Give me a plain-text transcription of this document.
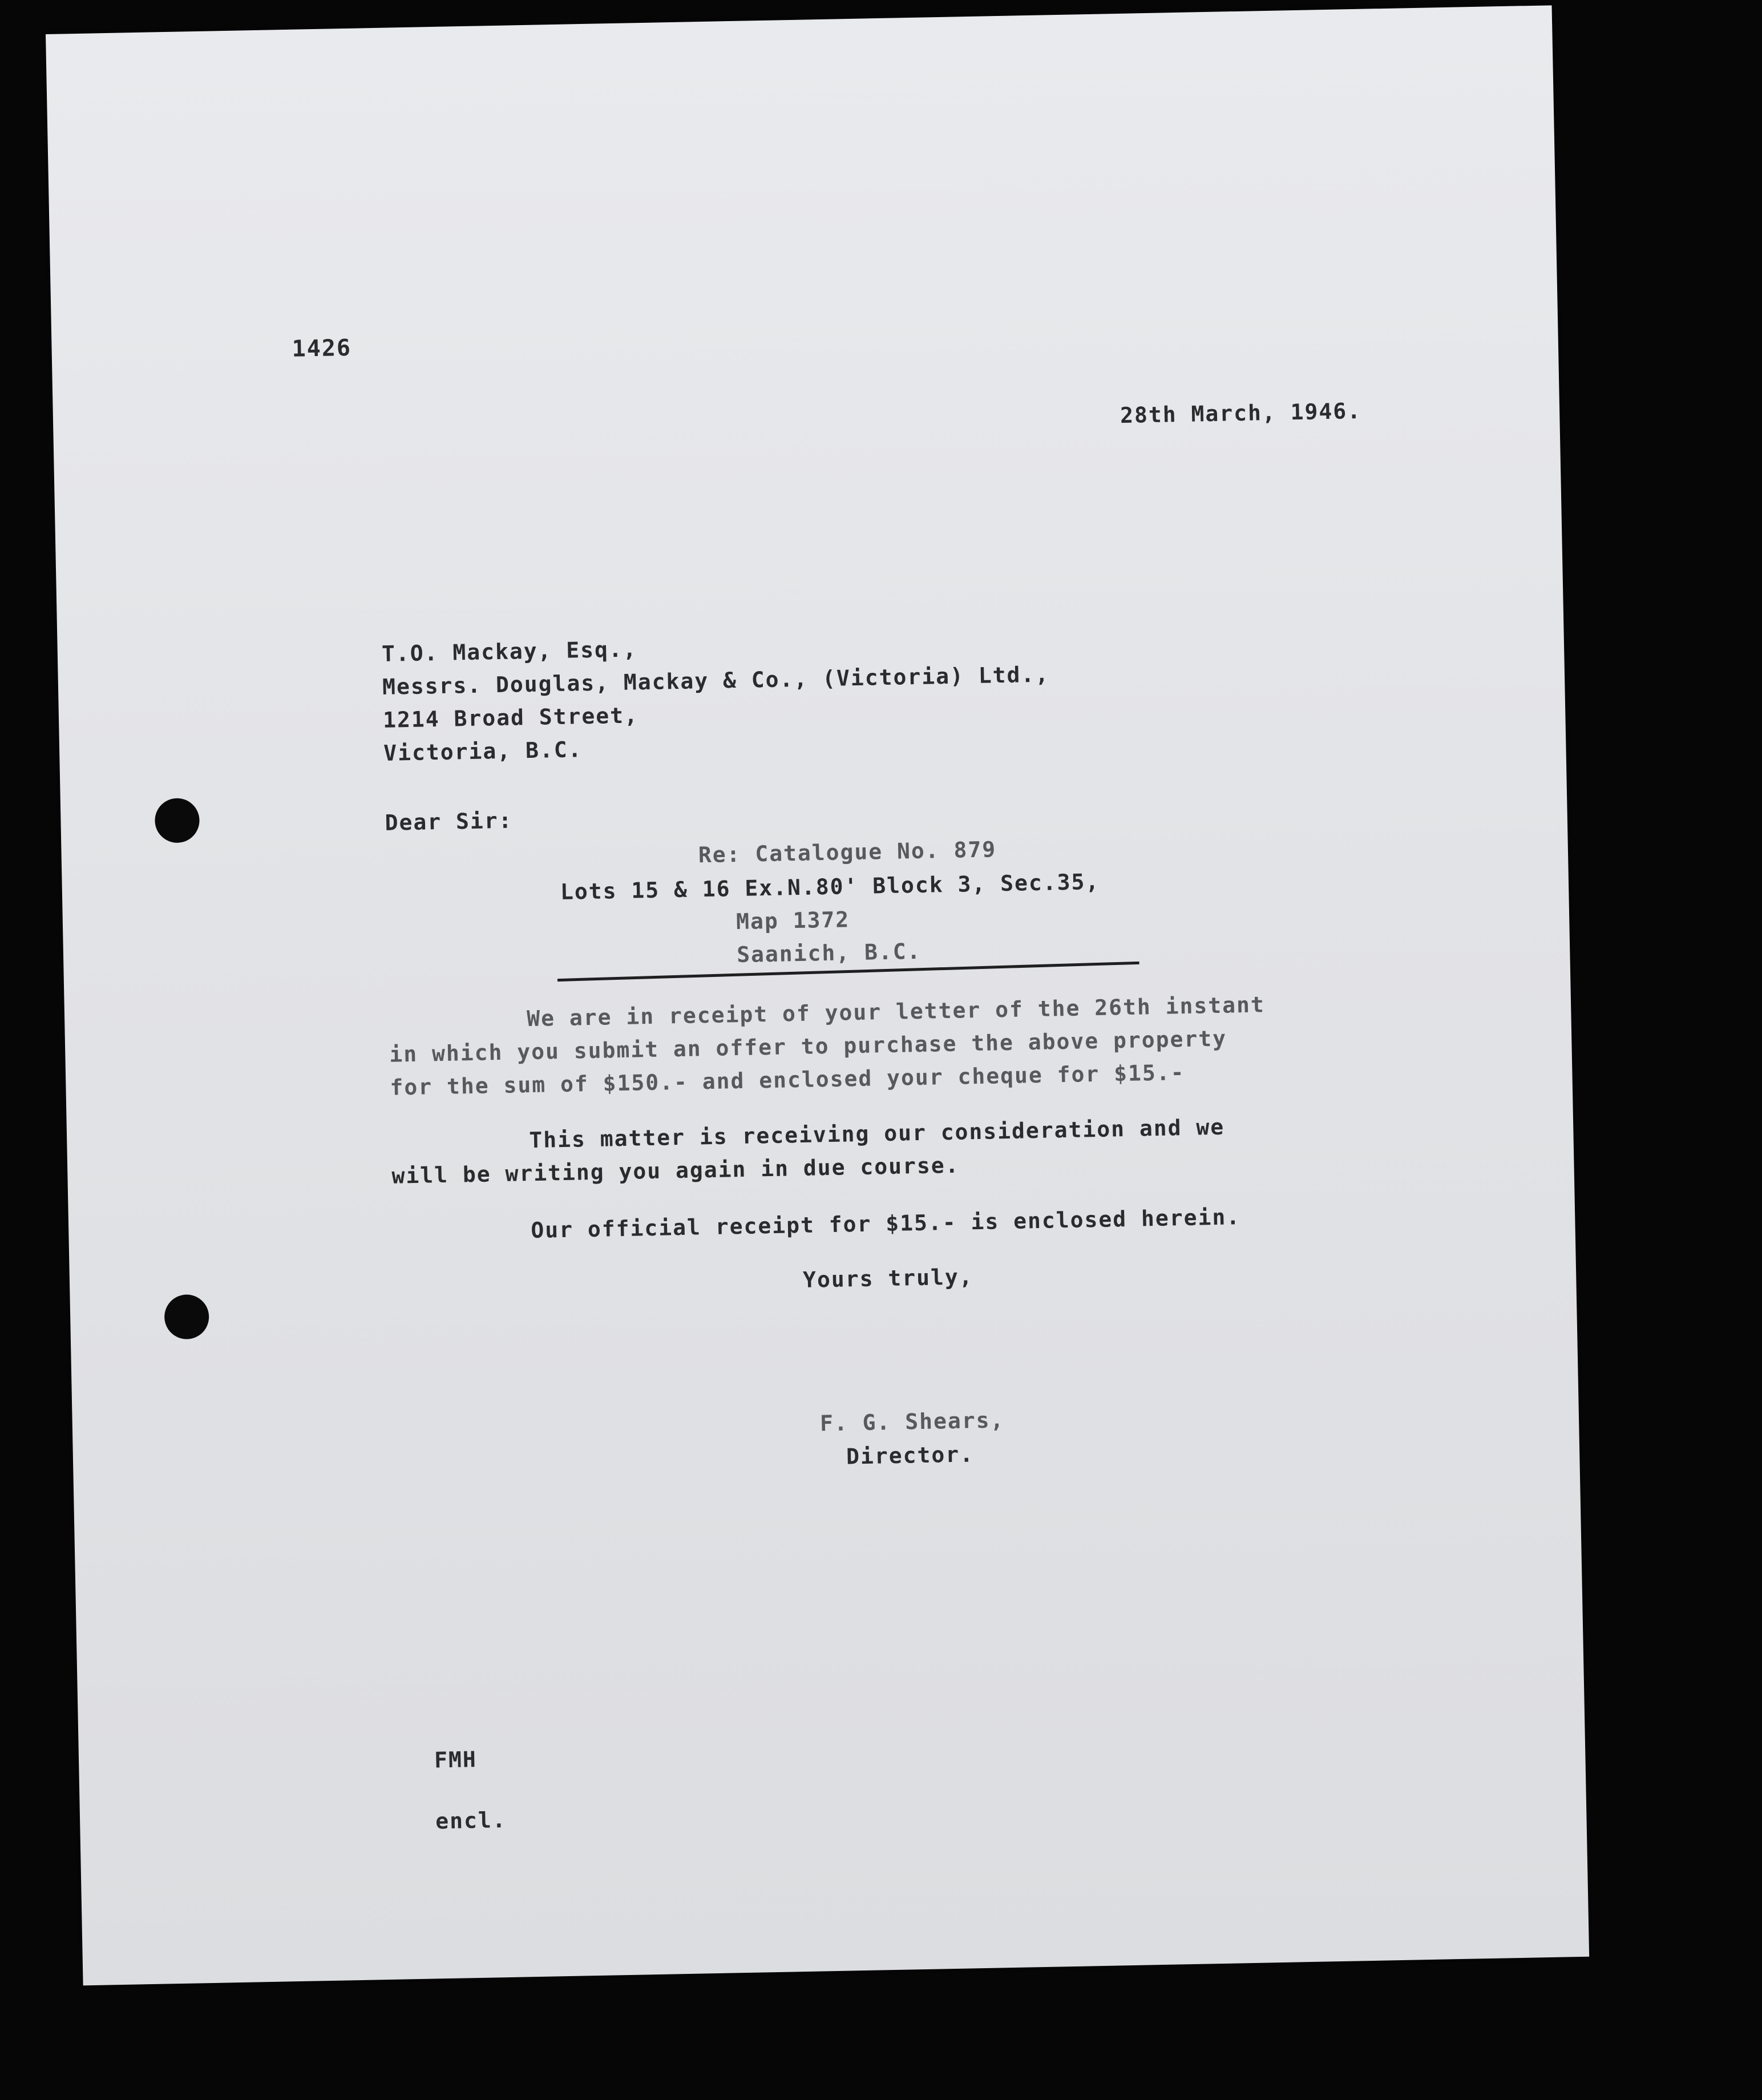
1426

28th March, 1946.

T.O. Mackay, Esq.,

Messrs. Douglas, Mackay & Co., (Victoria) Ltd.,

1214 Broad Street,

Victoria, B.C.

Dear Sir:

Re: Catalogue No. 879

Lots 15 & 16 Ex.N.80' Block 3, Sec.35,

Map 1372

Saanich, B.C.

We are in receipt of your letter of the 26th instant

in which you submit an offer to purchase the above property

for the sum of $150.- and enclosed your cheque for $15.-

This matter is receiving our consideration and we

will be writing you again in due course.

Our official receipt for $15.- is enclosed herein.

Yours truly,

F. G. Shears,

Director.

FMH

encl.
